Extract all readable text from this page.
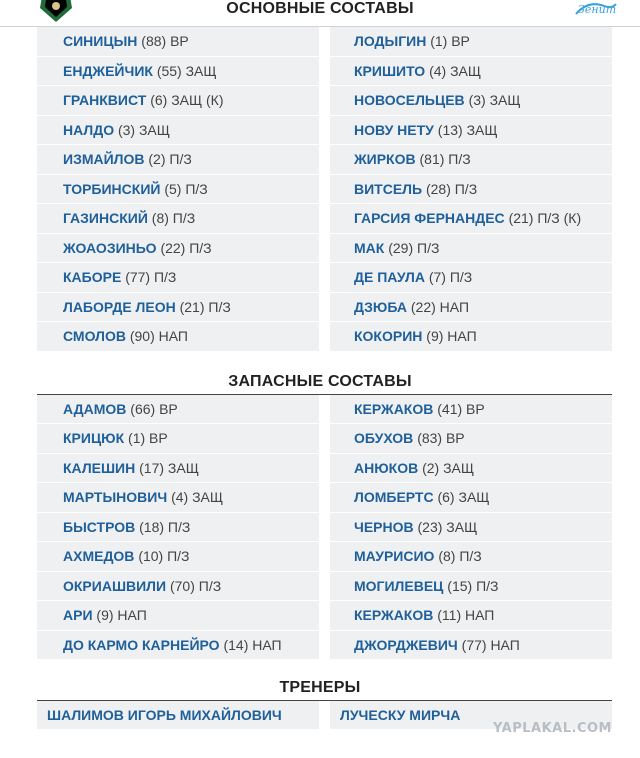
ОСНОВНЫЕ СОСТАВЫ	Зенит
СИНИЦЫН (88) ВР
ЕНДЖЕЙЧИК (55) ЗАЩ
ГРАНКВИСТ (6) ЗАЩ (К)
НАЛДО (3) ЗАЩ
ИЗМАЙЛОВ (2) П/З
ТОРБИНСКИЙ (5) П/З
ГАЗИНСКИЙ (8) П/З
ЖОАОЗИНЬО (22) П/З
КАБОРЕ (77) П/З
ЛАБОРДЕ ЛЕОН (21) П/З
СМОЛОВ (90) НАП
ЛОДЫГИН (1) ВР
КРИШИТО (4) ЗАЩ
НОВОСЕЛЬЦЕВ (3) ЗАЩ
НОВУ НЕТУ (13) ЗАЩ
ЖИРКОВ (81) П/З
ВИТСЕЛЬ (28) П/З
ГАРСИЯ ФЕРНАНДЕС (21) П/З (К)
МАК (29) П/З
ДЕ ПАУЛА (7) П/З
ДЗЮБА (22) НАП
КОКОРИН (9) НАП
ЗАПАСНЫЕ СОСТАВЫ
АДАМОВ (66) ВР
КРИЦЮК (1) ВР
КАЛЕШИН (17) ЗАЩ
МАРТЫНОВИЧ (4) ЗАЩ
БЫСТРОВ (18) П/З
АХМЕДОВ (10) П/З
ОКРИАШВИЛИ (70) П/З
АРИ (9) НАП
ДО КАРМО КАРНЕЙРО (14) НАП
КЕРЖАКОВ (41) ВР
ОБУХОВ (83) ВР
АНЮКОВ (2) ЗАЩ
ЛОМБЕРТС (6) ЗАЩ
ЧЕРНОВ (23) ЗАЩ
МАУРИСИО (8) П/З
МОГИЛЕВЕЦ (15) П/З
КЕРЖАКОВ (11) НАП
ДЖОРДЖЕВИЧ (77) НАП
ТРЕНЕРЫ
ШАЛИМОВ ИГОРЬ МИХАЙЛОВИЧ	ЛУЧЕСКУ МИРЧА
YAPLAKAL.COM
